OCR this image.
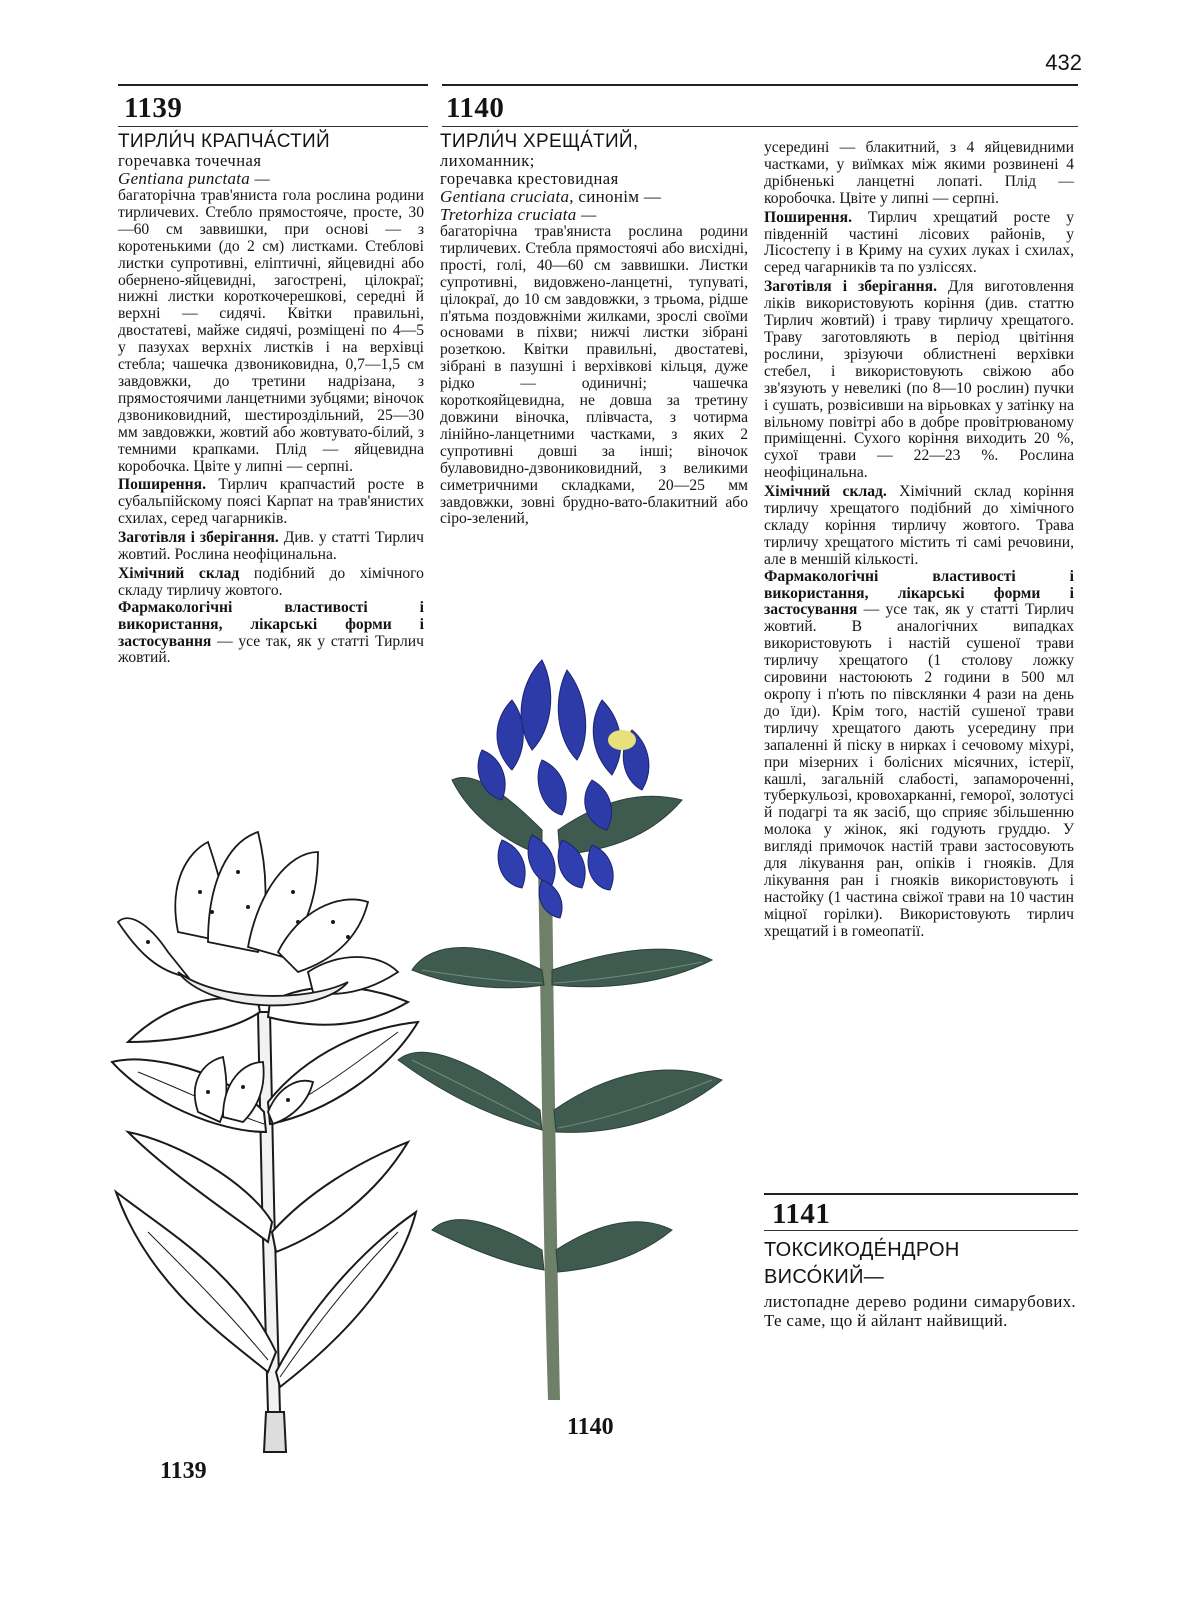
432
1139	1140

ТИРЛИ́Ч КРАПЧА́СТИЙ

горечавка точечная

Gentiana punctata —

багаторічна трав'яниста гола рослина родини тирличевих. Стебло прямостояче, просте, 30—60 см заввишки, при основі — з коротенькими (до 2 см) листками. Стеблові листки супротивні, еліптичні, яйцевидні або обернено-яйцевидні, загострені, цілокраї; нижні листки короткочерешкові, середні й верхні — сидячі. Квітки правильні, двостатеві, майже сидячі, розміщені по 4—5 у пазухах верхніх листків і на верхівці стебла; чашечка дзвониковидна, 0,7—1,5 см завдовжки, до третини надрізана, з прямостоячими ланцетними зубцями; віночок дзвониковидний, шестироздільний, 25—30 мм завдовжки, жовтий або жовтувато-білий, з темними крапками. Плід — яйцевидна коробочка. Цвіте у липні — серпні.

Поширення. Тирлич крапчастий росте в субальпійскому поясі Карпат на трав'янистих схилах, серед чагарників.

Заготівля і зберігання. Див. у статті Тирлич жовтий. Рослина неофіцинальна.

Хімічний склад подібний до хімічного складу тирличу жовтого.

Фармакологічні властивості і використання, лікарські форми і застосування — усе так, як у статті Тирлич жовтий.

ТИРЛИ́Ч ХРЕЩА́ТИЙ,

лихоманник;

горечавка крестовидная

Gentiana cruciata, синонім —

Tretorhiza cruciata —

багаторічна трав'яниста рослина родини тирличевих. Стебла прямостоячі або висхідні, прості, голі, 40—60 см заввишки. Листки супротивні, видовжено-ланцетні, тупуваті, цілокраї, до 10 см завдовжки, з трьома, рідше п'ятьма поздовжніми жилками, зрослі своїми основами в піхви; нижчі листки зібрані розеткою. Квітки правильні, двостатеві, зібрані в пазушні і верхівкові кільця, дуже рідко — одиничні; чашечка короткояйцевидна, не довша за третину довжини віночка, плівчаста, з чотирма лінійно-ланцетними частками, з яких 2 супротивні довші за інші; віночок булавовидно-дзвониковидний, з великими симетричними складками, 20—25 мм завдовжки, зовні брудно-вато-блакитний або сіро-зелений,

усередині — блакитний, з 4 яйцевидними частками, у виїмках між якими розвинені 4 дрібненькі ланцетні лопаті. Плід — коробочка. Цвіте у липні — серпні.

Поширення. Тирлич хрещатий росте у південній частині лісових районів, у Лісостепу і в Криму на сухих луках і схилах, серед чагарників та по узліссях.

Заготівля і зберігання. Для виготовлення ліків використовують коріння (див. статтю Тирлич жовтий) і траву тирличу хрещатого. Траву заготовляють в період цвітіння рослини, зрізуючи облистнені верхівки стебел, і використовують свіжою або зв'язують у невеликі (по 8—10 рослин) пучки і сушать, розвісивши на вірьовках у затінку на вільному повітрі або в добре провітрюваному приміщенні. Сухого коріння виходить 20 %, сухої трави — 22—23 %. Рослина неофіцинальна.

Хімічний склад. Хімічний склад коріння тирличу хрещатого подібний до хімічного складу коріння тирличу жовтого. Трава тирличу хрещатого містить ті самі речовини, але в меншій кількості.

Фармакологічні властивості і використання, лікарські форми і застосування — усе так, як у статті Тирлич жовтий. В аналогічних випадках використовують і настій сушеної трави тирличу хрещатого (1 столову ложку сировини настоюють 2 години в 500 мл окропу і п'ють по півсклянки 4 рази на день до їди). Крім того, настій сушеної трави тирличу хрещатого дають усередину при запаленні й піску в нирках і сечовому міхурі, при мізерних і болісних місячних, істерії, кашлі, загальній слабості, запамороченні, туберкульозі, кровохарканні, геморої, золотусі й подагрі та як засіб, що сприяє збільшенню молока у жінок, які годують груддю. У вигляді примочок настій трави застосовують для лікування ран, опіків і гнояків. Для лікування ран і гнояків використовують і настойку (1 частина свіжої трави на 10 частин міцної горілки). Використовують тирлич хрещатий і в гомеопатії.

1141

ТОКСИКОДЕ́НДРОН

ВИСО́КИЙ—

листопадне дерево родини симарубових. Те саме, що й айлант найвищий.

1139
1140
